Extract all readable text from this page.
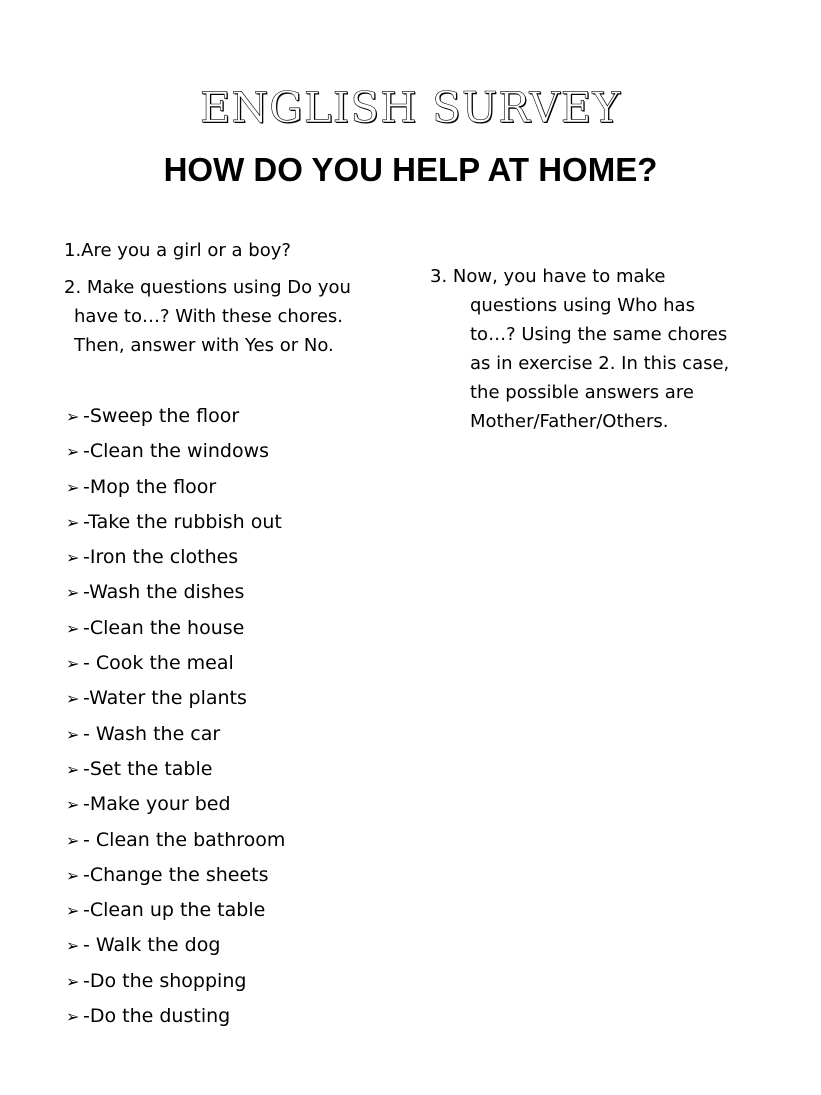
ENGLISH SURVEY
HOW DO YOU HELP AT HOME?

1.Are you a girl or a boy?

2. Make questions using Do you
have to…? With these chores.
Then, answer with Yes or No.
3. Now, you have to make
questions using Who has
to…? Using the same chores
as in exercise 2. In this case,
the possible answers are
Mother/Father/Others.
➢ -Sweep the floor
➢ -Clean the windows
➢ -Mop the floor
➢ -Take the rubbish out
➢ -Iron the clothes
➢ -Wash the dishes
➢ -Clean the house
➢ - Cook the meal
➢ -Water the plants
➢ - Wash the car
➢ -Set the table
➢ -Make your bed
➢ - Clean the bathroom
➢ -Change the sheets
➢ -Clean up the table
➢ - Walk the dog
➢ -Do the shopping
➢ -Do the dusting
